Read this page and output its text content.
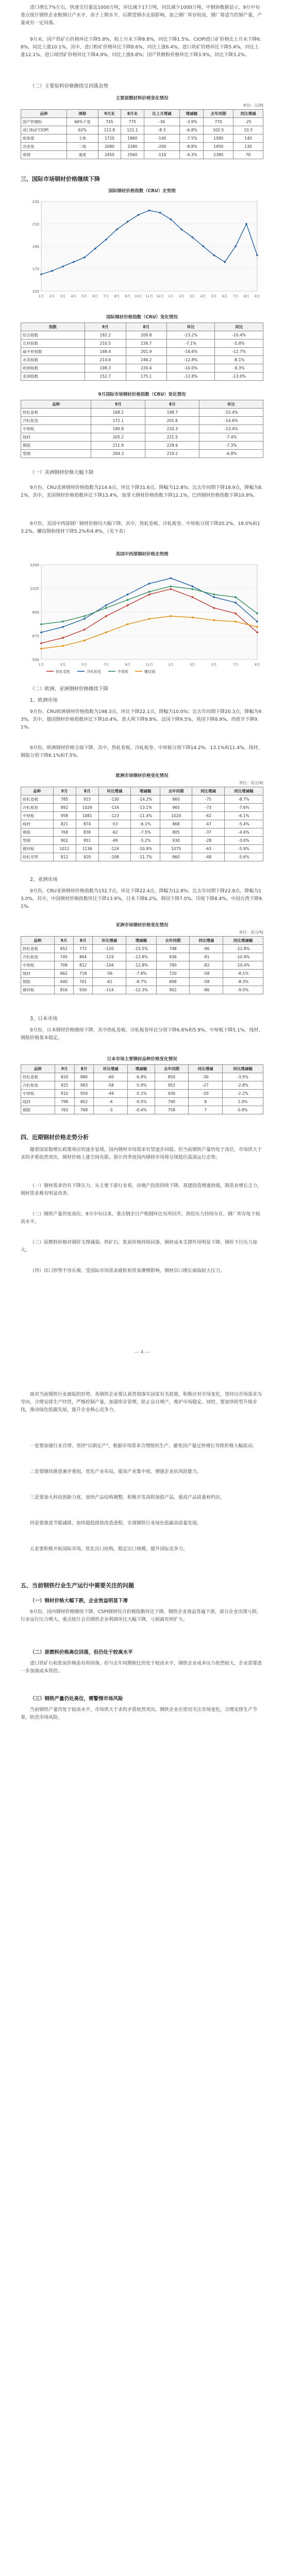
进口增长7%左右，快速交付量近1000万吨，环比减少17万吨，同比减少1000万吨。中钢协数据显示，9月中旬重点统计钢铁企业粗钢日产水平，高于上期水平，后期受钢市走弱影响，加之钢厂库存较高，钢厂将适当控制产量，产量或有一定回落。

9月末，国产铁矿石价格环比下降5.8%，较上月末下降8.8%，同比下降1.5%。CIOPI进口矿价格比上月末下降6.8%，同比上涨10.1%，其中，进口粉矿价格环比下降8.6%，同比上涨6.4%，进口块矿价格环比下降5.4%，同比上涨12.1%，进口球团矿价格环比下降4.9%，同比上涨9.8%；国产铁精粉价格环比下降3.9%，同比下降3.2%。

（二）主要原料价格继续呈回落态势

主要原燃材料价格变化情况

单位：元/吨

品种	规格	9月末	8月末	比上月增减	增减幅	去年同期	同比增减
国产铁精粉	66%干基	745	775	-30	-3.9%	770	-25
进口粉矿CIOPI	62%	112.8	121.1	-8.3	-6.8%	102.5	10.3
炼焦煤	主焦	1720	1860	-140	-7.5%	1580	140
冶金焦	二级	2080	2280	-200	-8.8%	1950	130
废钢	重废	2450	2560	-110	-4.3%	2380	70

三、国际市场钢材价格继续下降

国际钢材价格指数（CRU）走势图

150
170
190
210
230
1月 2月 3月 4月 5月 6月 7月 8月 9月 10月 11月 12月 1月 2月 3月 4月 5月 6月 7月 8月 9月

国际钢材价格指数（CRU）变化情况

指数	9月	8月	环比	同比
综合指数	182.2	209.8	-13.2%	-10.4%
长材指数	210.5	226.7	-7.1%	-5.8%
扁平材指数	168.4	201.9	-16.6%	-12.7%
北美指数	214.6	246.2	-12.8%	-8.1%
欧洲指数	198.3	220.4	-10.0%	-9.3%
亚洲指数	152.7	175.1	-12.8%	-13.0%

9月国际市场钢材价格指数（CRU）变化情况

品种	9月	8月	环比
热轧卷板	168.2	198.7	-15.4%
冷轧板卷	172.1	201.6	-14.6%
中厚板	190.8	220.3	-13.4%
线材	205.2	221.5	-7.4%
钢筋	211.9	228.6	-7.3%
型钢	204.3	219.2	-6.8%

（一）美洲钢材价格大幅下降

9月份，CRU美洲钢材价格指数为214.6点，环比下降31.6点，降幅为12.8%；比去年同期下降18.9点，降幅为8.1%。其中，美国钢材价格指数环比下降13.4%，加拿大钢材价格指数下降12.1%，巴西钢材价格指数下降10.9%。

9月份，美国中西部钢厂钢材价格均大幅下降，其中，热轧卷板、冷轧板卷、中厚板分别下降20.2%、18.0%和13.2%，螺纹钢和线材下降5.2%和4.8%。（见下表）

美国中西部钢材价格走势图

500
675
850
1025
1200
1月	3月	5月	7月	9月	11月	1月	3月	5月	7月	9月
热轧卷板	冷轧板卷	中厚板	螺纹钢

（二）欧洲、亚洲钢材价格继续下降

1、欧洲市场

9月份，CRU欧洲钢材价格指数为198.3点，环比下降22.1点，降幅为10.0%；比去年同期下降20.3点，降幅为9.3%。其中，德国钢材价格指数环比下降10.4%，意大利下降9.8%，法国下降9.5%，英国下降8.9%，西班牙下降9.1%。

9月份，欧洲钢材价格全面下降，其中，热轧卷板、冷轧板卷、中厚板分别下降14.2%、13.1%和11.4%，线材、钢筋分别下降6.1%和7.5%。

欧洲市场钢材价格变化情况

单位：美元/吨

品种	9月	8月	环比增减	增减幅	去年同期	同比增减	同比增减幅
热轧卷板	785	915	-130	-14.2%	860	-75	-8.7%
冷轧板卷	892	1026	-134	-13.1%	965	-73	-7.6%
中厚板	958	1081	-123	-11.4%	1020	-62	-6.1%
线材	821	874	-53	-6.1%	868	-47	-5.4%
钢筋	768	830	-62	-7.5%	805	-37	-4.6%
型钢	902	951	-49	-5.2%	930	-28	-3.0%
镀锌板	1012	1136	-124	-10.9%	1075	-63	-5.9%
热轧窄带	812	920	-108	-11.7%	860	-48	-5.6%

2、亚洲市场

9月份，CRU亚洲钢材价格指数为152.7点，环比下降22.4点，降幅为12.8%；比去年同期下降22.8点，降幅为13.0%。其中，中国钢材价格指数环比下降13.9%，日本下降6.2%，韩国下降7.0%，印度下降8.4%，中国台湾下降9.1%。

亚洲市场钢材价格变化情况

单位：美元/吨

品种	9月	8月	环比增减	增减幅	去年同期	同比增减	同比增减幅
热轧卷板	652	772	-120	-15.5%	748	-96	-12.8%
冷轧板卷	745	864	-119	-13.8%	836	-91	-10.9%
中厚板	708	812	-104	-12.8%	790	-82	-10.4%
线材	662	718	-56	-7.8%	720	-58	-8.1%
钢筋	640	701	-61	-8.7%	698	-58	-8.3%
镀锌板	816	930	-114	-12.3%	902	-86	-9.5%

3、日本市场

9月份，日本钢材价格继续下降，其中热轧卷板、冷轧板卷环比分别下降6.8%和5.9%，中厚板下降5.1%，线材、钢筋价格基本稳定。

日本市场主要钢材品种价格变化情况

品种	9月	8月	环比增减	增减幅	去年同期	同比增减	同比增减幅
热轧卷板	820	880	-60	-6.8%	850	-30	-3.5%
冷轧板卷	925	983	-58	-5.9%	952	-27	-2.8%
中厚板	910	959	-49	-5.1%	930	-20	-2.2%
线材	798	802	-4	-0.5%	790	8	1.0%
钢筋	765	768	-3	-0.4%	758	7	0.9%

四、近期钢材价格走势分析

随着国家稳增长政策效应的逐步显现，国内钢材市场需求有望逐步回稳。但当前钢铁产量仍处于高位，市场供大于求的矛盾依然突出，钢材价格上涨空间有限。预计四季度国内钢材市场将呈现低位震荡运行态势。

（一）钢材需求仍有下降压力。从主要下游行业看，房地产投资持续下降，基建投资增速放缓，制造业增长乏力，钢材需求难有明显改善。

（二）钢铁产量仍处高位。9月中旬以来，重点钢企日产粗钢环比有所回升，供给压力持续存在，钢厂库存处于较高水平。

（三）原燃料价格对钢价支撑减弱。铁矿石、焦炭价格持续回落，钢材成本支撑作用明显下降，钢价下行压力加大。

（四）出口形势不容乐观。受国际市场需求疲软和贸易摩擦影响，钢材出口增长面临较大压力。

— 4 —

面对当前钢铁行业面临的形势，各钢铁企业要认真贯彻落实国家有关政策，积极应对市场变化，坚持以市场需求为导向，合理安排生产经营，严格控制产量，加强库存管理，防止盲目增产，维护市场稳定。同时，要加快转型升级步伐，推动绿色低碳发展，提升企业核心竞争力。

一是要加强行业自律，坚持"以销定产"，根据市场需求合理组织生产，避免因产量过快增长导致价格大幅波动。

二是要继续推进兼并重组，优化产业布局，提高产业集中度，增强企业抗风险能力。

三是要加大科技创新力度，加快产品结构调整，积极开发高附加值产品，提高产品质量和档次。

四是要推进节能减排，加快超低排放改造进程，实现钢铁行业绿色低碳高质量发展。

五是要积极开拓国际市场，优化出口结构，稳定出口规模，提升国际竞争力。

五、当前钢铁行业生产运行中需要关注的问题

（一）钢材价格大幅下跌，企业效益明显下滑

9月份，国内钢材价格继续下降，CSPI钢材综合价格指数环比下降，钢铁企业效益普遍下滑，部分企业出现亏损，行业运行压力增大。重点统计会员钢铁企业利润环比大幅下降，亏损面有所扩大。

（二）原燃料价格高位回落，但仍处于较高水平

进口铁矿石和焦炭价格虽有所回落，但与去年同期相比仍处于较高水平，钢铁企业成本压力依然较大，企业需要进一步加强成本管控。

（三）钢铁产量仍处高位，需警惕市场风险

当前钢铁产量仍处于较高水平，市场供大于求的矛盾依然突出。钢铁企业应密切关注市场变化，合理安排生产节奏，防范市场风险。
